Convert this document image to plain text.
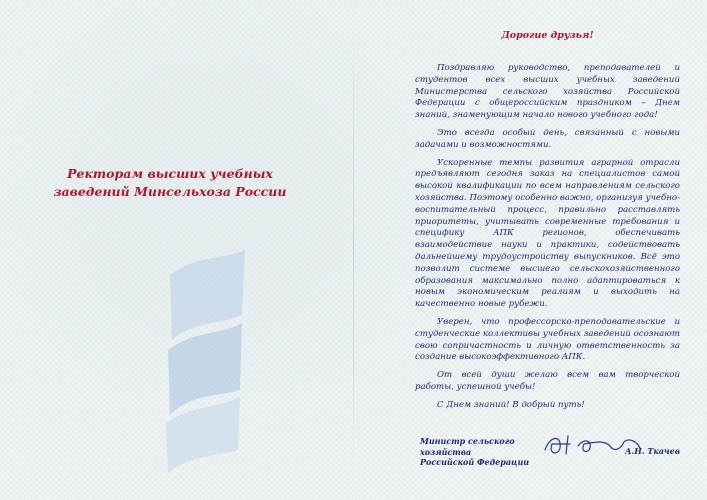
Ректорам высших учебных
заведений Минсельхоза России

Дорогие друзья!

Поздравляю руководство, преподавателей и студентов всех высших учебных заведений Министерства сельского хозяйства Российской Федерации с общероссийским праздником – Днем знаний, знаменующим начало нового учебного года!

Это всегда особый день, связанный с новыми задачами и возможностями.

Ускоренные темпы развития аграрной отрасли предъявляют сегодня заказ на специалистов самой высокой квалификации по всем направлениям сельского хозяйства. Поэтому особенно важно, организуя учебно-воспитательный процесс, правильно расставлять приоритеты, учитывать современные требования и специфику АПК регионов, обеспечивать взаимодействие науки и практики, содействовать дальнейшему трудоустройству выпускников. Всё это позволит системе высшего сельскохозяйственного образования максимально полно адаптироваться к новым экономическим реалиям и выходить на качественно новые рубежи.

Уверен, что профессорско-преподавательские и студенческие коллективы учебных заведений осознают свою сопричастность и личную ответственность за создание высокоэффективного АПК.

От всей души желаю всем вам творческой работы, успешной учебы!

С Днем знаний! В добрый путь!

Министр сельского хозяйства
Российской Федерации
А.Н. Ткачев
